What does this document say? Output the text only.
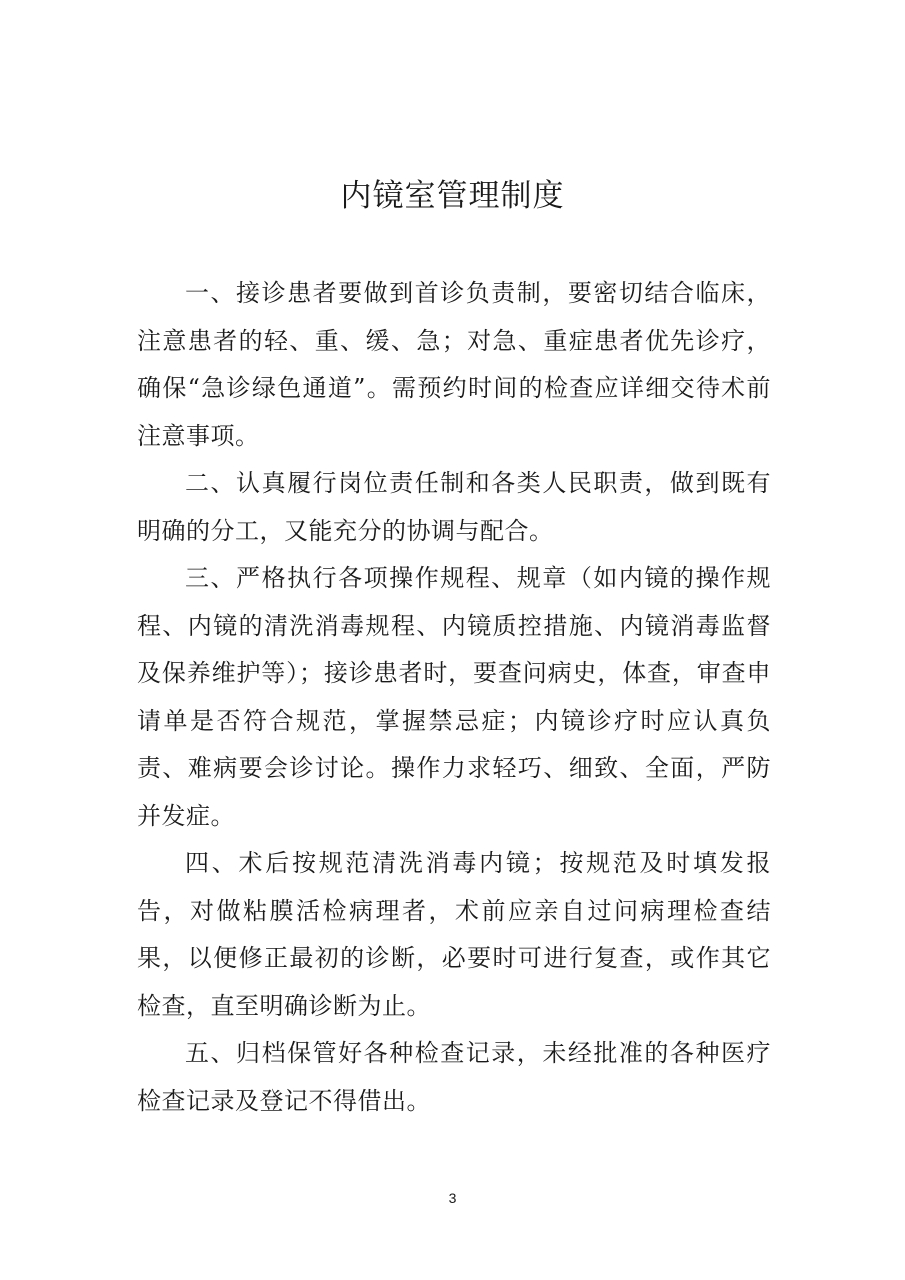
内镜室管理制度

一、接诊患者要做到首诊负责制，要密切结合临床，注意患者的轻、重、缓、急；对急、重症患者优先诊疗，确保“急诊绿色通道”。需预约时间的检查应详细交待术前注意事项。

二、认真履行岗位责任制和各类人民职责，做到既有明确的分工，又能充分的协调与配合。

三、严格执行各项操作规程、规章（如内镜的操作规程、内镜的清洗消毒规程、内镜质控措施、内镜消毒监督及保养维护等）；接诊患者时，要查问病史，体查，审查申请单是否符合规范，掌握禁忌症；内镜诊疗时应认真负责、难病要会诊讨论。操作力求轻巧、细致、全面，严防并发症。

四、术后按规范清洗消毒内镜；按规范及时填发报告，对做粘膜活检病理者，术前应亲自过问病理检查结果，以便修正最初的诊断，必要时可进行复查，或作其它检查，直至明确诊断为止。

五、归档保管好各种检查记录，未经批准的各种医疗检查记录及登记不得借出。

3
